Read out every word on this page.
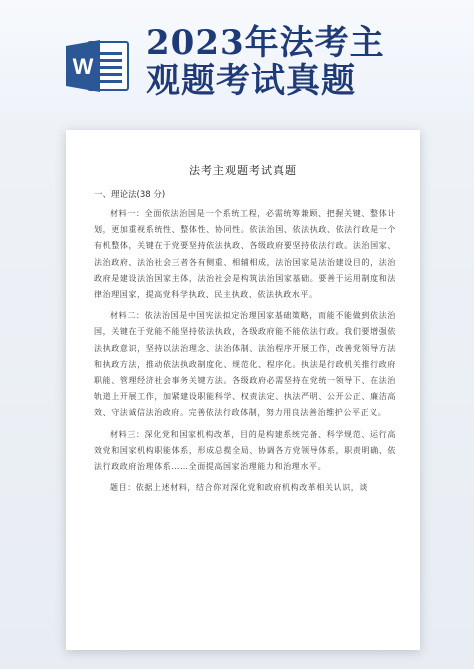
W
2023年法考主
观题考试真题
法考主观题考试真题
一、理论法(38 分)

材料一：全面依法治国是一个系统工程，必需统筹兼顾、把握关键、整体计划，更加重视系统性、整体性、协同性。依法治国、依法执政、依法行政是一个有机整体，关键在于党要坚持依法执政、各级政府要坚持依法行政。法治国家、法治政府、法治社会三者各有侧重、相辅相成，法治国家是法治建设目的，法治政府是建设法治国家主体，法治社会是构筑法治国家基础。要善于运用制度和法律治理国家，提高党科学执政、民主执政、依法执政水平。

材料二：依法治国是中国宪法拟定治理国家基础策略，而能不能做到依法治国，关键在于党能不能坚持依法执政，各级政府能不能依法行政。我们要增强依法执政意识，坚持以法治理念、法治体制、法治程序开展工作，改善党领导方法和执政方法，推动依法执政制度化、规范化、程序化。执法是行政机关推行政府职能、管理经济社会事务关键方法。各级政府必需坚持在党统一领导下、在法治轨道上开展工作，加紧建设职能科学、权责法定、执法严明、公开公正、廉洁高效、守法诚信法治政府。完善依法行政体制，努力用良法善治维护公平正义。

材料三：深化党和国家机构改革，目的是构建系统完备、科学规范、运行高效党和国家机构职能体系，形成总揽全局、协调各方党领导体系，职责明确、依法行政政府治理体系……全面提高国家治理能力和治理水平。

题目：依据上述材料，结合你对深化党和政府机构改革相关认识，谈
